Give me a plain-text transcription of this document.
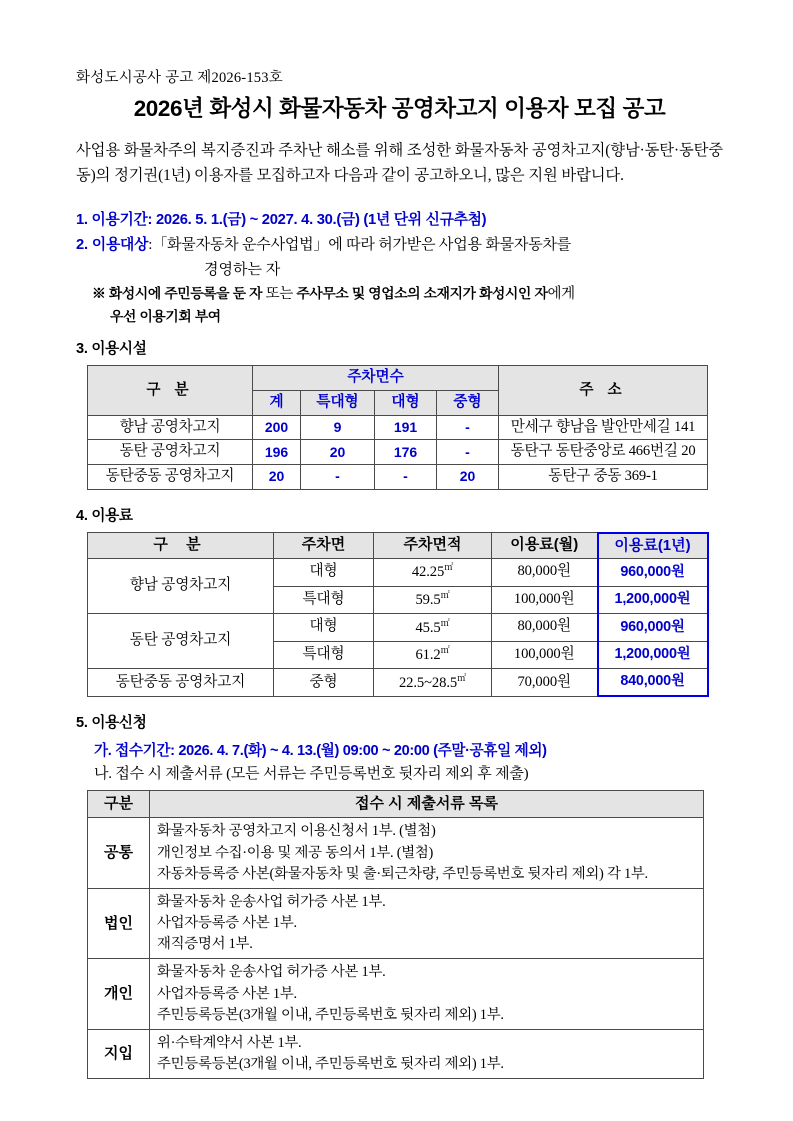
화성도시공사 공고 제2026-153호
2026년 화성시 화물자동차 공영차고지 이용자 모집 공고

사업용 화물차주의 복지증진과 주차난 해소를 위해 조성한 화물자동차 공영차고지(향남·동탄·동탄중동)의 정기권(1년) 이용자를 모집하고자 다음과 같이 공고하오니, 많은 지원 바랍니다.

1. 이용기간: 2026. 5. 1.(금) ~ 2027. 4. 30.(금) (1년 단위 신규추첨)
2. 이용대상:「화물자동차 운수사업법」에 따라 허가받은 사업용 화물자동차를
경영하는 자
※ 화성시에 주민등록을 둔 자 또는 주사무소 및 영업소의 소재지가 화성시인 자에게
우선 이용기회 부여
3. 이용시설
구 분	주차면수				주 소
	계	특대형	대형	중형	
향남 공영차고지	200	9	191	-	만세구 향남읍 발안만세길 141
동탄 공영차고지	196	20	176	-	동탄구 동탄중앙로 466번길 20
동탄중동 공영차고지	20	-	-	20	동탄구 중동 369-1
4. 이용료
구 분	주차면	주차면적	이용료(월)	이용료(1년)
향남 공영차고지	대형	42.25㎡	80,000원	960,000원
	특대형	59.5㎡	100,000원	1,200,000원
동탄 공영차고지	대형	45.5㎡	80,000원	960,000원
	특대형	61.2㎡	100,000원	1,200,000원
동탄중동 공영차고지	중형	22.5~28.5㎡	70,000원	840,000원
5. 이용신청
가. 접수기간: 2026. 4. 7.(화) ~ 4. 13.(월) 09:00 ~ 20:00 (주말·공휴일 제외)
나. 접수 시 제출서류 (모든 서류는 주민등록번호 뒷자리 제외 후 제출)
구분	접수 시 제출서류 목록
공통	화물자동차 공영차고지 이용신청서 1부. (별첨)
개인정보 수집·이용 및 제공 동의서 1부. (별첨)
자동차등록증 사본(화물자동차 및 출·퇴근차량, 주민등록번호 뒷자리 제외) 각 1부.

법인	화물자동차 운송사업 허가증 사본 1부.
사업자등록증 사본 1부.
재직증명서 1부.

개인	화물자동차 운송사업 허가증 사본 1부.
사업자등록증 사본 1부.
주민등록등본(3개월 이내, 주민등록번호 뒷자리 제외) 1부.

지입	위·수탁계약서 사본 1부.
주민등록등본(3개월 이내, 주민등록번호 뒷자리 제외) 1부.
